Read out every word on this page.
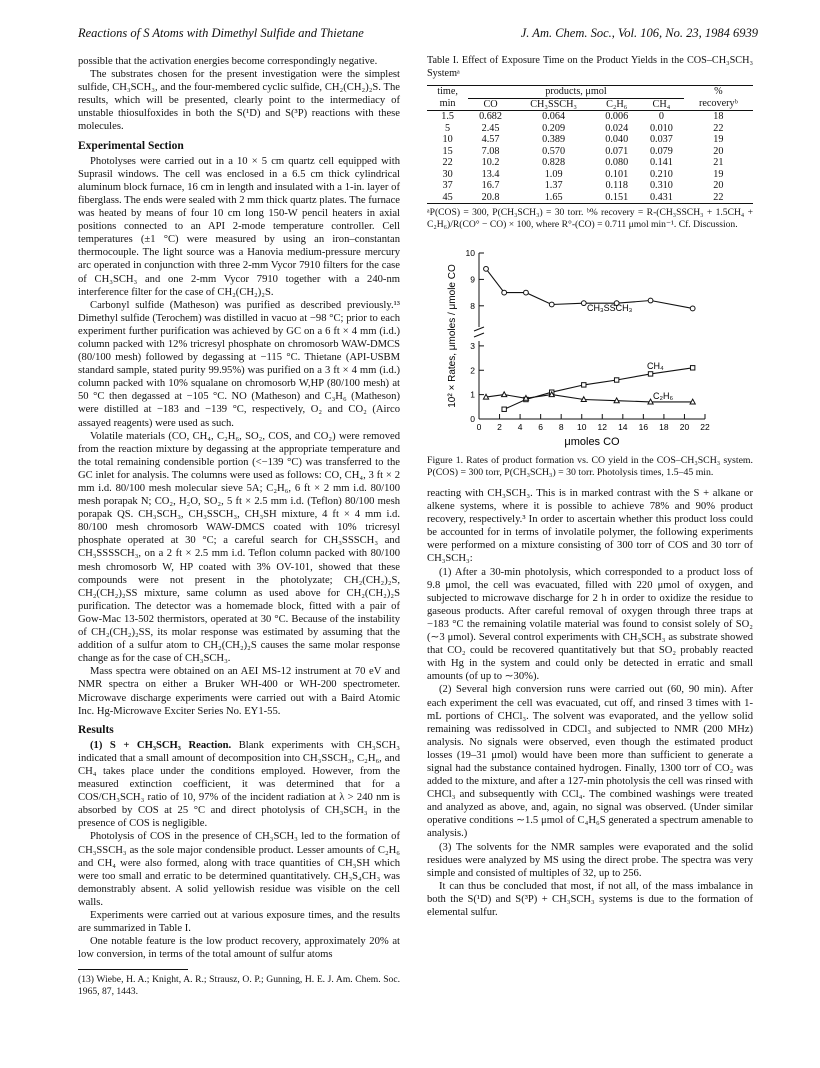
Reactions of S Atoms with Dimethyl Sulfide and Thietane	J. Am. Chem. Soc., Vol. 106, No. 23, 1984 6939

possible that the activation energies become correspondingly negative.

The substrates chosen for the present investigation were the simplest sulfide, CH₃SCH₃, and the four-membered cyclic sulfide, CH₂(CH₂)₂S. The results, which will be presented, clearly point to the intermediacy of unstable thiosulfoxides in both the S(¹D) and S(³P) reactions with these molecules.

Experimental Section

Photolyses were carried out in a 10 × 5 cm quartz cell equipped with Suprasil windows. The cell was enclosed in a 6.5 cm thick cylindrical aluminum block furnace, 16 cm in length and insulated with a 1-in. layer of fiberglass. The ends were sealed with 2 mm thick quartz plates. The furnace was heated by means of four 10 cm long 150-W pencil heaters in axial positions connected to an API 2-mode temperature controller. Cell temperatures (±1 °C) were measured by using an iron–constantan thermocouple. The light source was a Hanovia medium-pressure mercury arc operated in conjunction with three 2-mm Vycor 7910 filters for the case of CH₃SCH₃ and one 2-mm Vycor 7910 together with a 240-nm interference filter for the case of CH₂(CH₂)₂S.

Carbonyl sulfide (Matheson) was purified as described previously.¹³ Dimethyl sulfide (Terochem) was distilled in vacuo at −98 °C; prior to each experiment further purification was achieved by GC on a 6 ft × 4 mm (i.d.) column packed with 12% tricresyl phosphate on chromosorb WAW-DMCS (80/100 mesh) followed by degassing at −115 °C. Thietane (API-USBM standard sample, stated purity 99.95%) was purified on a 3 ft × 4 mm (i.d.) column packed with 10% squalane on chromosorb W,HP (80/100 mesh) at 50 °C then degassed at −105 °C. NO (Matheson) and C₃H₆ (Matheson) were distilled at −183 and −139 °C, respectively, O₂ and CO₂ (Airco assayed reagents) were used as such.

Volatile materials (CO, CH₄, C₂H₆, SO₂, COS, and CO₂) were removed from the reaction mixture by degassing at the appropriate temperature and the total remaining condensible portion (<−139 °C) was transferred to the GC inlet for analysis. The columns were used as follows: CO, CH₄, 3 ft × 2 mm i.d. 80/100 mesh molecular sieve 5A; C₂H₆, 6 ft × 2 mm i.d. 80/100 mesh porapak N; CO₂, H₂O, SO₂, 5 ft × 2.5 mm i.d. (Teflon) 80/100 mesh porapak QS. CH₃SCH₃, CH₃SSCH₃, CH₃SH mixture, 4 ft × 4 mm i.d. 80/100 mesh chromosorb WAW-DMCS coated with 10% tricresyl phosphate operated at 30 °C; a careful search for CH₃SSSCH₃ and CH₃SSSSCH₃, on a 2 ft × 2.5 mm i.d. Teflon column packed with 80/100 mesh chromosorb W, HP coated with 3% OV-101, showed that these compounds were not present in the photolyzate; CH₂(CH₂)₂S, CH₂(CH₂)₂SS mixture, same column as used above for CH₂(CH₂)₂S purification. The detector was a homemade block, fitted with a pair of Gow-Mac 13-502 thermistors, operated at 30 °C. Because of the instability of CH₂(CH₂)₂SS, its molar response was estimated by assuming that the addition of a sulfur atom to CH₂(CH₂)₂S causes the same molar response change as for the case of CH₃SCH₃.

Mass spectra were obtained on an AEI MS-12 instrument at 70 eV and NMR spectra on either a Bruker WH-400 or WH-200 spectrometer. Microwave discharge experiments were carried out with a Baird Atomic Inc. Hg-Microwave Exciter Series No. EY1-55.

Results

(1) S + CH₃SCH₃ Reaction. Blank experiments with CH₃SCH₃ indicated that a small amount of decomposition into CH₃SSCH₃, C₂H₆, and CH₄ takes place under the conditions employed. However, from the measured extinction coefficient, it was determined that for a COS/CH₃SCH₃ ratio of 10, 97% of the incident radiation at λ > 240 nm is absorbed by COS at 25 °C and direct photolysis of CH₃SCH₃ in the presence of COS is negligible.

Photolysis of COS in the presence of CH₃SCH₃ led to the formation of CH₃SSCH₃ as the sole major condensible product. Lesser amounts of C₂H₆ and CH₄ were also formed, along with trace quantities of CH₃SH which were too small and erratic to be determined quantitatively. CH₃S₄CH₃ was demonstrably absent. A solid yellowish residue was visible on the cell walls.

Experiments were carried out at various exposure times, and the results are summarized in Table I.

One notable feature is the low product recovery, approximately 20% at low conversion, in terms of the total amount of sulfur atoms

(13) Wiebe, H. A.; Knight, A. R.; Strausz, O. P.; Gunning, H. E. J. Am. Chem. Soc. 1965, 87, 1443.
Table I. Effect of Exposure Time on the Product Yields in the COS–CH₃SCH₃ Systemᵃ
time,	products, μmol				%
min	CO	CH₃SSCH₃	C₂H₆	CH₄	recoveryᵇ
1.5	0.682	0.064	0.006	0	18
5	2.45	0.209	0.024	0.010	22
10	4.57	0.389	0.040	0.037	19
15	7.08	0.570	0.071	0.079	20
22	10.2	0.828	0.080	0.141	21
30	13.4	1.09	0.101	0.210	19
37	16.7	1.37	0.118	0.310	20
45	20.8	1.65	0.151	0.431	22
ᵃP(COS) = 300, P(CH₃SCH₃) = 30 torr. ᵇ% recovery = R-(CH₃SSCH₃ + 1.5CH₄ + C₂H₆)/R(CO° − CO) × 100, where R°-(CO) = 0.711 μmol min⁻¹. Cf. Discussion.
0 2 4 6 8 10 12 14 16 18 20 22
0
1
2
3
8
9
10
μmoles CO
10² × Rates, μmoles / μmole CO	CH₃SSCH₃
CH₄
C₂H₆
Figure 1. Rates of product formation vs. CO yield in the COS–CH₃SCH₃ system. P(COS) = 300 torr, P(CH₃SCH₃) = 30 torr. Photolysis times, 1.5–45 min.

reacting with CH₃SCH₃. This is in marked contrast with the S + alkane or alkene systems, where it is possible to achieve 78% and 90% product recovery, respectively.³ In order to ascertain whether this product loss could be accounted for in terms of involatile polymer, the following experiments were performed on a mixture consisting of 300 torr of COS and 30 torr of CH₃SCH₃:

(1) After a 30-min photolysis, which corresponded to a product loss of 9.8 μmol, the cell was evacuated, filled with 220 μmol of oxygen, and subjected to microwave discharge for 2 h in order to oxidize the residue to gaseous products. After careful removal of oxygen through three traps at −183 °C the remaining volatile material was found to consist solely of SO₂ (∼3 μmol). Several control experiments with CH₃SCH₃ as substrate showed that CO₂ could be recovered quantitatively but that SO₂ probably reacted with Hg in the system and could only be detected in erratic and small amounts (of up to ∼30%).

(2) Several high conversion runs were carried out (60, 90 min). After each experiment the cell was evacuated, cut off, and rinsed 3 times with 1-mL portions of CHCl₃. The solvent was evaporated, and the yellow solid remaining was redissolved in CDCl₃ and subjected to NMR (200 MHz) analysis. No signals were observed, even though the estimated product losses (19–31 μmol) would have been more than sufficient to generate a signal had the substance contained hydrogen. Finally, 1300 torr of CO₂ was added to the mixture, and after a 127-min photolysis the cell was rinsed with CHCl₃ and subsequently with CCl₄. The combined washings were treated and analyzed as above, and, again, no signal was observed. (Under similar operative conditions ∼1.5 μmol of C₄H₆S generated a spectrum amenable to analysis.)

(3) The solvents for the NMR samples were evaporated and the solid residues were analyzed by MS using the direct probe. The spectra was very simple and consisted of multiples of 32, up to 256.

It can thus be concluded that most, if not all, of the mass imbalance in both the S(¹D) and S(³P) + CH₃SCH₃ systems is due to the formation of elemental sulfur.
